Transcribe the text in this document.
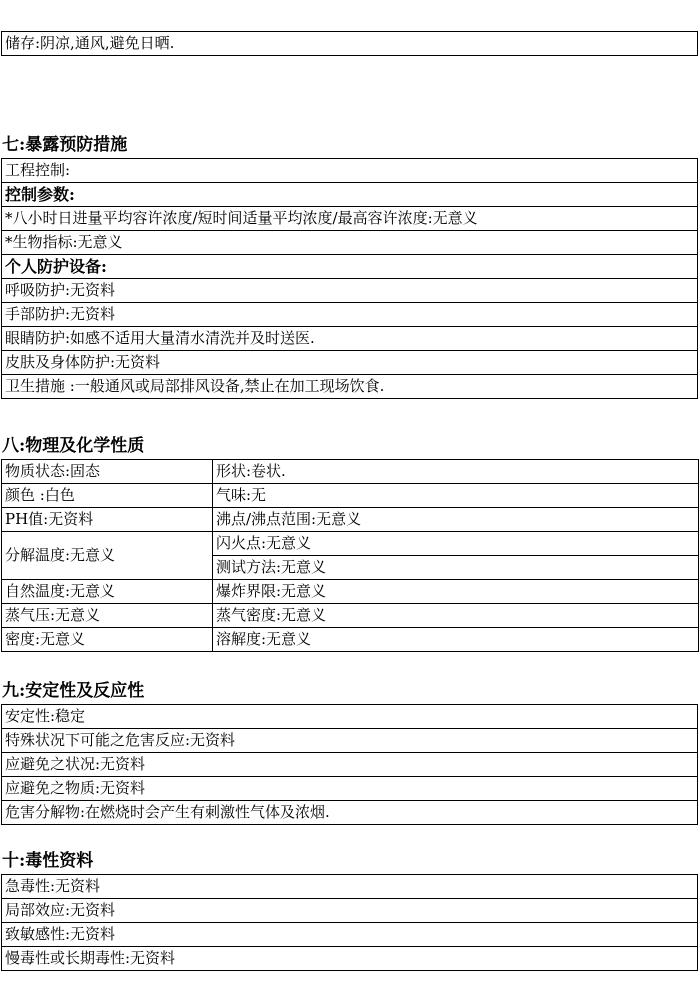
储存:阴凉,通风,避免日晒.
七:暴露预防措施
工程控制:
控制参数:
*八小时日进量平均容许浓度/短时间适量平均浓度/最高容许浓度:无意义
*生物指标:无意义
个人防护设备:
呼吸防护:无资料
手部防护:无资料
眼睛防护:如感不适用大量清水清洗并及时送医.
皮肤及身体防护:无资料
卫生措施 :一般通风或局部排风设备,禁止在加工现场饮食.
八:物理及化学性质
物质状态:固态	形状:卷状.
颜色 :白色	气味:无
PH值:无资料	沸点/沸点范围:无意义
分解温度:无意义	闪火点:无意义
	测试方法:无意义
自然温度:无意义	爆炸界限:无意义
蒸气压:无意义	蒸气密度:无意义
密度:无意义	溶解度:无意义
九:安定性及反应性
安定性:稳定
特殊状况下可能之危害反应:无资料
应避免之状况:无资料
应避免之物质:无资料
危害分解物:在燃烧时会产生有刺激性气体及浓烟.
十:毒性资料
急毒性:无资料
局部效应:无资料
致敏感性:无资料
慢毒性或长期毒性:无资料
